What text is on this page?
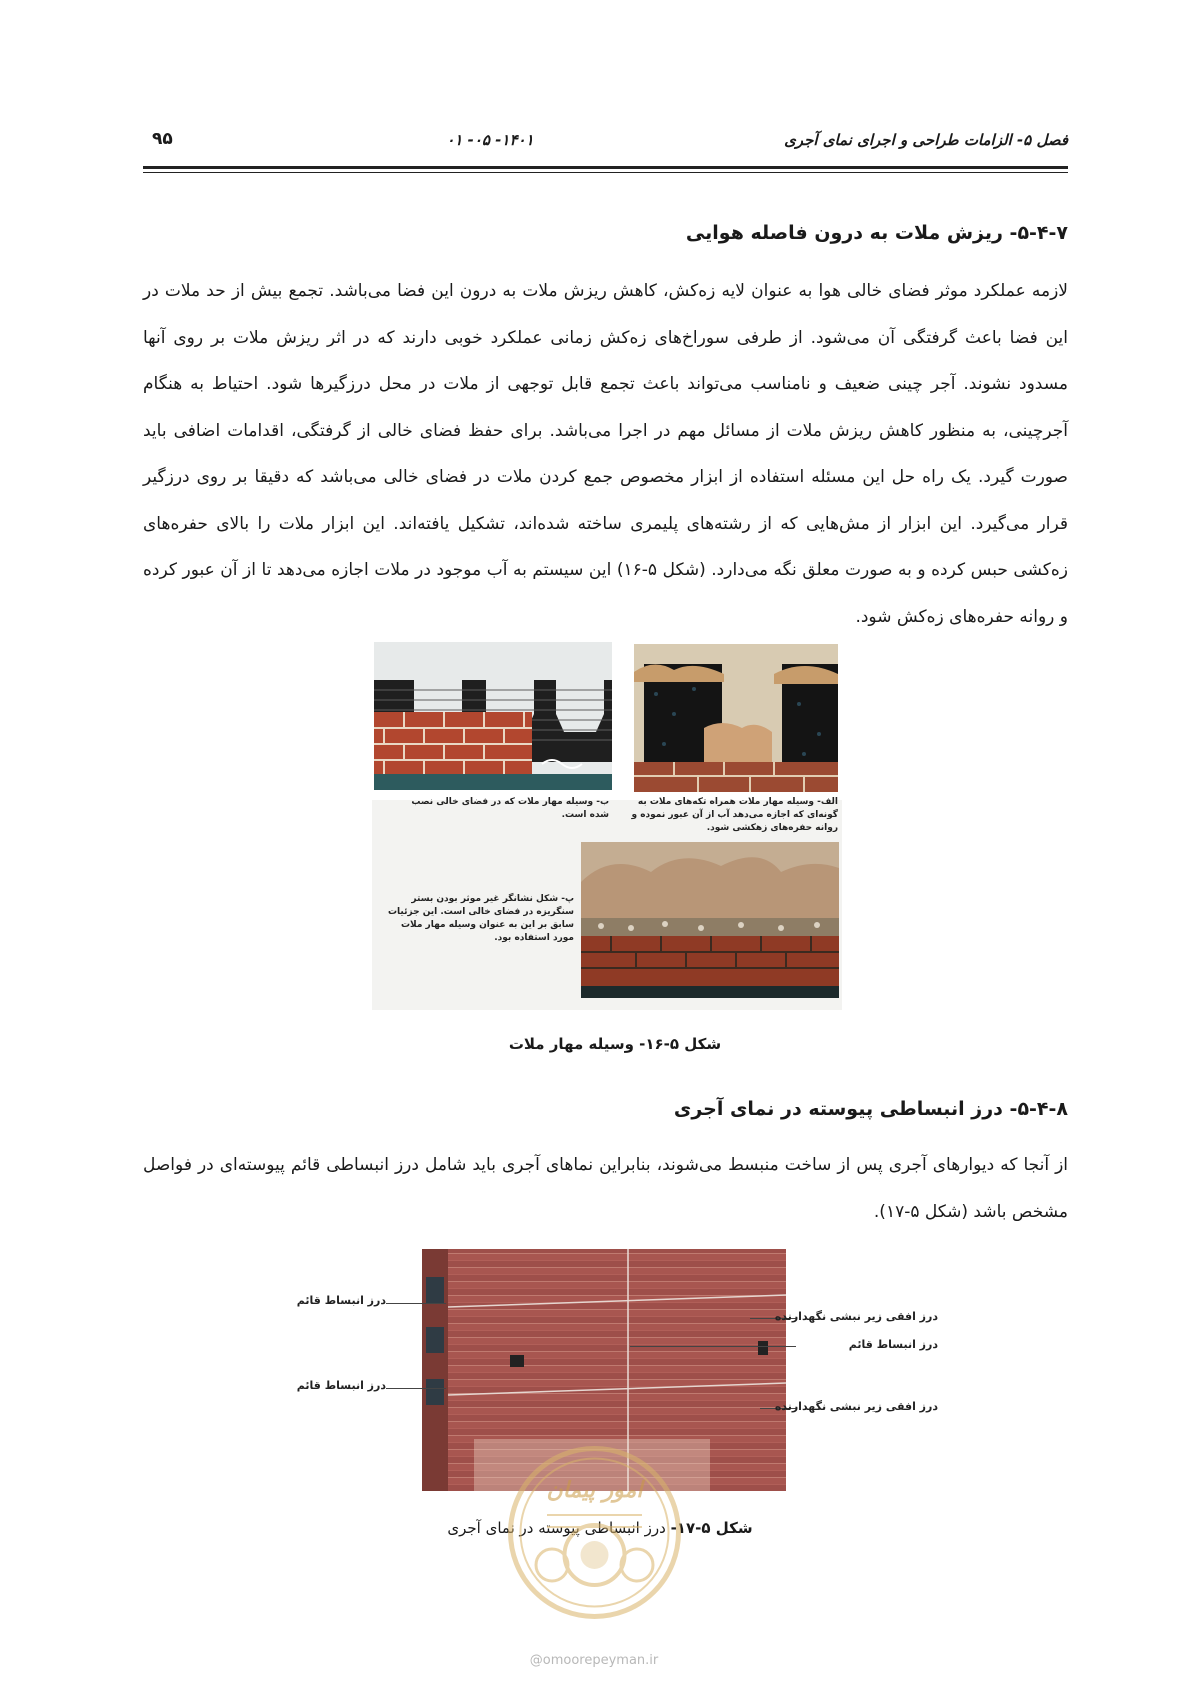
فصل ۵- الزامات طراحی و اجرای نمای آجری
۰۱ -۰۵ -۱۴۰۱
۹۵
۵-۴-۷- ریزش ملات به درون فاصله هوایی
لازمه عملکرد موثر فضای خالی هوا به عنوان لایه زه‌کش، کاهش ریزش ملات به درون این فضا می‌باشد. تجمع بیش از حد ملات در این فضا باعث گرفتگی آن می‌شود. از طرفی سوراخ‌های زه‌کش زمانی عملکرد خوبی دارند که در اثر ریزش ملات بر روی آنها مسدود نشوند. آجر چینی ضعیف و نامناسب می‌تواند باعث تجمع قابل توجهی از ملات در محل درزگیرها شود. احتیاط به هنگام آجرچینی، به منظور کاهش ریزش ملات از مسائل مهم در اجرا می‌باشد. برای حفظ فضای خالی از گرفتگی، اقدامات اضافی باید صورت گیرد. یک راه حل این مسئله استفاده از ابزار مخصوص جمع کردن ملات در فضای خالی می‌باشد که دقیقا بر روی درزگیر قرار می‌گیرد. این ابزار از مش‌هایی که از رشته‌های پلیمری ساخته شده‌اند، تشکیل یافته‌اند. این ابزار ملات را بالای حفره‌های زه‌کشی حبس کرده و به صورت معلق نگه می‌دارد. (شکل ۵-۱۶) این سیستم به آب موجود در ملات اجازه می‌دهد تا از آن عبور کرده و روانه حفره‌های زه‌کش شود.
ب- وسیله مهار ملات که در فضای خالی نصب شده است.
الف- وسیله مهار ملات همراه تکه‌های ملات به گونه‌ای که اجازه می‌دهد آب از آن عبور نموده و روانه حفره‌های زهکشی شود.
پ- شکل نشانگر غیر موثر بودن بستر سنگریزه در فضای خالی است. این جزئیات سابق بر این به عنوان وسیله مهار ملات مورد استفاده بود.
شکل ۵-۱۶- وسیله مهار ملات
۵-۴-۸- درز انبساطی پیوسته در نمای آجری
از آنجا که دیوارهای آجری پس از ساخت منبسط می‌شوند، بنابراین نماهای آجری باید شامل درز انبساطی قائم پیوسته‌ای در فواصل مشخص باشد (شکل ۵-۱۷).
درز انبساط قائم
درز انبساط قائم
درز افقی زیر نبشی نگهدارنده
درز انبساط قائم
درز افقی زیر نبشی نگهدارنده
شکل ۵-۱۷- درز انبساطی پیوسته در نمای آجری
امور پیمان
@omoorepeyman.ir
